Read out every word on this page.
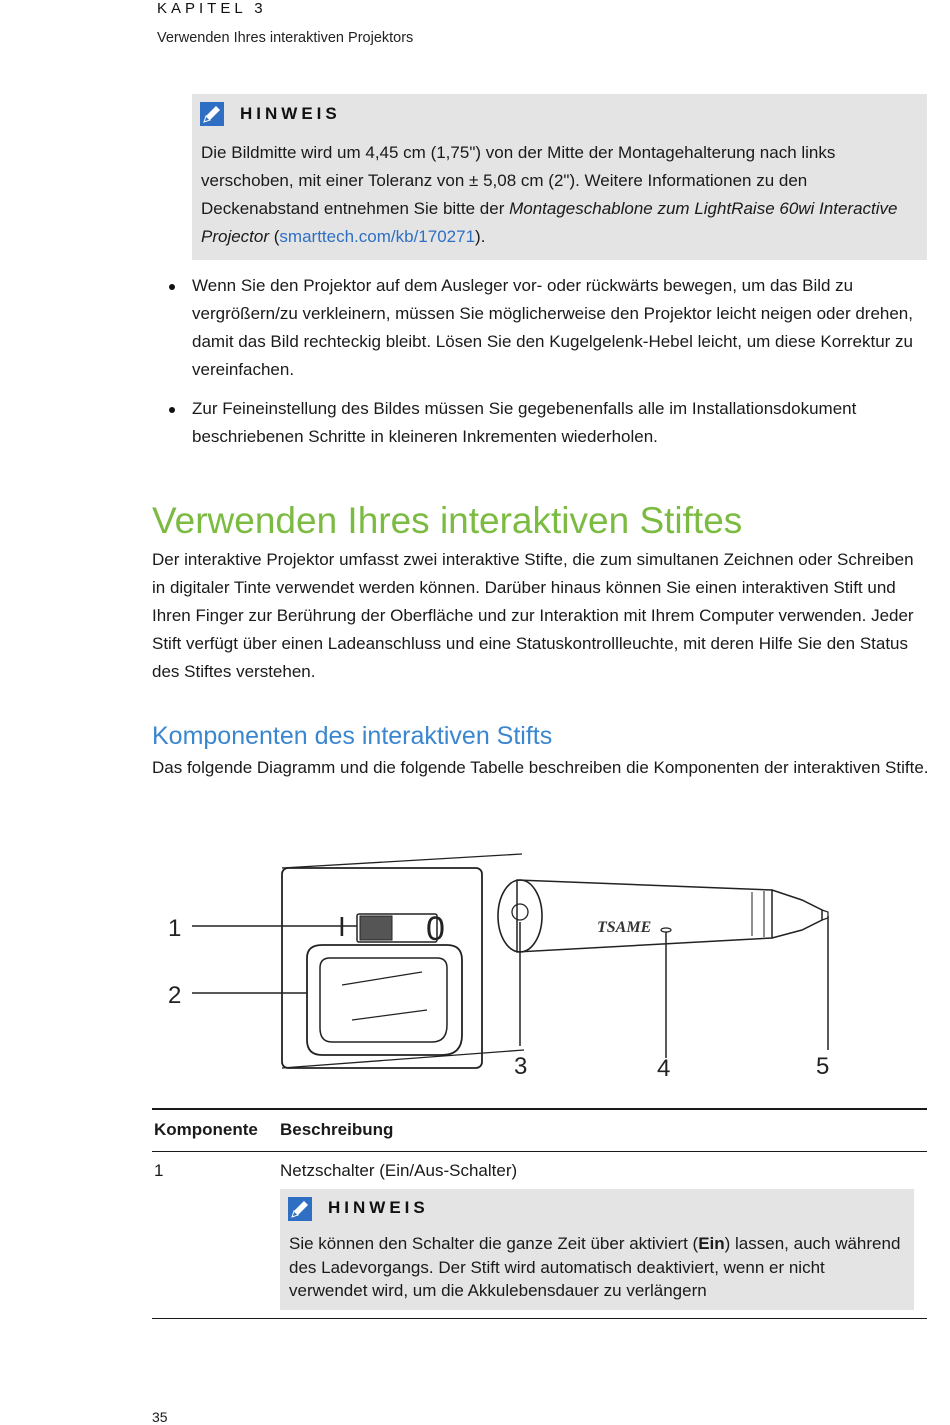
KAPITEL 3
Verwenden Ihres interaktiven Projektors
HINWEIS
Die Bildmitte wird um 4,45 cm (1,75") von der Mitte der Montagehalterung nach links verschoben, mit einer Toleranz von ± 5,08 cm (2"). Weitere Informationen zu den Deckenabstand entnehmen Sie bitte der Montageschablone zum LightRaise 60wi Interactive Projector (smarttech.com/kb/170271).
Wenn Sie den Projektor auf dem Ausleger vor- oder rückwärts bewegen, um das Bild zu vergrößern/zu verkleinern, müssen Sie möglicherweise den Projektor leicht neigen oder drehen, damit das Bild rechteckig bleibt. Lösen Sie den Kugelgelenk-Hebel leicht, um diese Korrektur zu vereinfachen.
Zur Feineinstellung des Bildes müssen Sie gegebenenfalls alle im Installationsdokument beschriebenen Schritte in kleineren Inkrementen wiederholen.
Verwenden Ihres interaktiven Stiftes
Der interaktive Projektor umfasst zwei interaktive Stifte, die zum simultanen Zeichnen oder Schreiben in digitaler Tinte verwendet werden können. Darüber hinaus können Sie einen interaktiven Stift und Ihren Finger zur Berührung der Oberfläche und zur Interaktion mit Ihrem Computer verwenden. Jeder Stift verfügt über einen Ladeanschluss und eine Statuskontrollleuchte, mit deren Hilfe Sie den Status des Stiftes verstehen.
Komponenten des interaktiven Stifts
Das folgende Diagramm und die folgende Tabelle beschreiben die Komponenten der interaktiven Stifte.
I 0	TSAME
1
2
3	4	5
Komponente Beschreibung
1	Netzschalter (Ein/Aus-Schalter)
HINWEIS
Sie können den Schalter die ganze Zeit über aktiviert (Ein) lassen, auch während des Ladevorgangs. Der Stift wird automatisch deaktiviert, wenn er nicht verwendet wird, um die Akkulebensdauer zu verlängern
35
